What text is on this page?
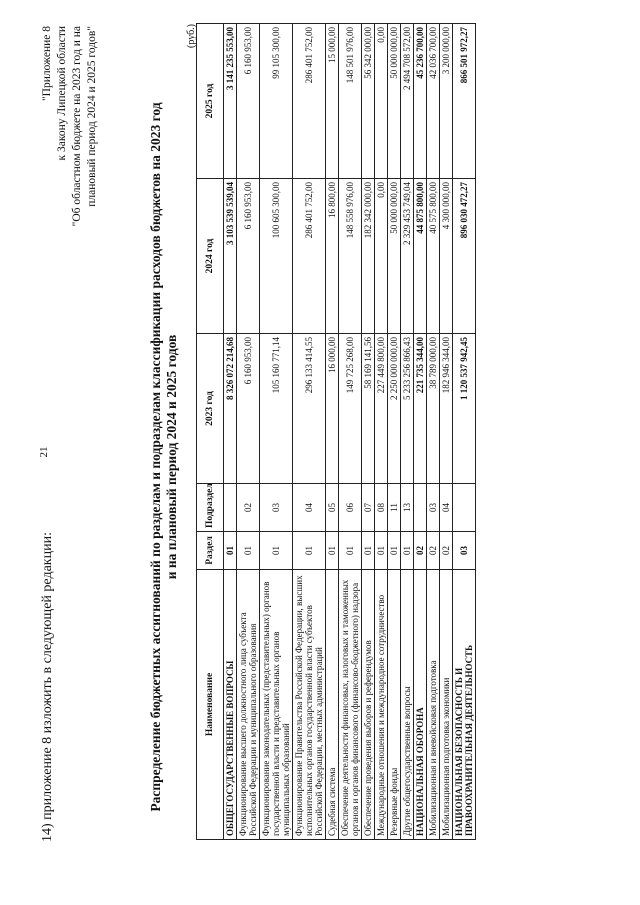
21
14) приложение 8 изложить в следующей редакции:
"Приложение 8 к Закону Липецкой области "Об областном бюджете на 2023 год и на плановый период 2024 и 2025 годов"	Распределение бюджетных ассигнований по разделам и подразделам классификации расходов бюджетов на 2023 год и на плановый период 2024 и 2025 годов
(руб.)
Наименование	Раздел	Подраздел	2023 год	2024 год	2025 год
ОБЩЕГОСУДАРСТВЕННЫЕ ВОПРОСЫ	01		8 326 072 214,68	3 103 539 539,04	3 141 235 553,00
Функционирование высшего должностного лица субъекта Российской Федерации и муниципального образования	01	02	6 160 953,00	6 160 953,00	6 160 953,00
Функционирование законодательных (представительных) органов государственной власти и представительных органов муниципальных образований	01	03	105 160 771,14	100 605 300,00	99 105 300,00
Функционирование Правительства Российской Федерации, высших исполнительных органов государственной власти субъектов Российской Федерации, местных администраций	01	04	296 133 414,55	286 401 752,00	286 401 752,00
Судебная система	01	05	16 000,00	16 800,00	15 000,00
Обеспечение деятельности финансовых, налоговых и таможенных органов и органов финансового (финансово-бюджетного) надзора	01	06	149 725 268,00	148 558 976,00	148 501 976,00
Обеспечение проведения выборов и референдумов	01	07	58 169 141,56	182 342 000,00	56 342 000,00
Международные отношения и международное сотрудничество	01	08	227 449 800,00	0,00	0,00
Резервные фонды	01	11	2 250 000 000,00	50 000 000,00	50 000 000,00
Другие общегосударственные вопросы	01	13	5 233 256 866,43	2 329 453 749,04	2 494 708 572,00
НАЦИОНАЛЬНАЯ ОБОРОНА	02		221 735 344,00	44 875 800,00	45 236 700,00
Мобилизационная и вневойсковая подготовка	02	03	38 789 000,00	40 575 800,00	42 036 700,00
Мобилизационная подготовка экономики	02	04	182 946 344,00	4 300 000,00	3 200 000,00
НАЦИОНАЛЬНАЯ БЕЗОПАСНОСТЬ И ПРАВООХРАНИТЕЛЬНАЯ ДЕЯТЕЛЬНОСТЬ	03		1 120 537 942,45	896 030 472,27	866 501 972,27
